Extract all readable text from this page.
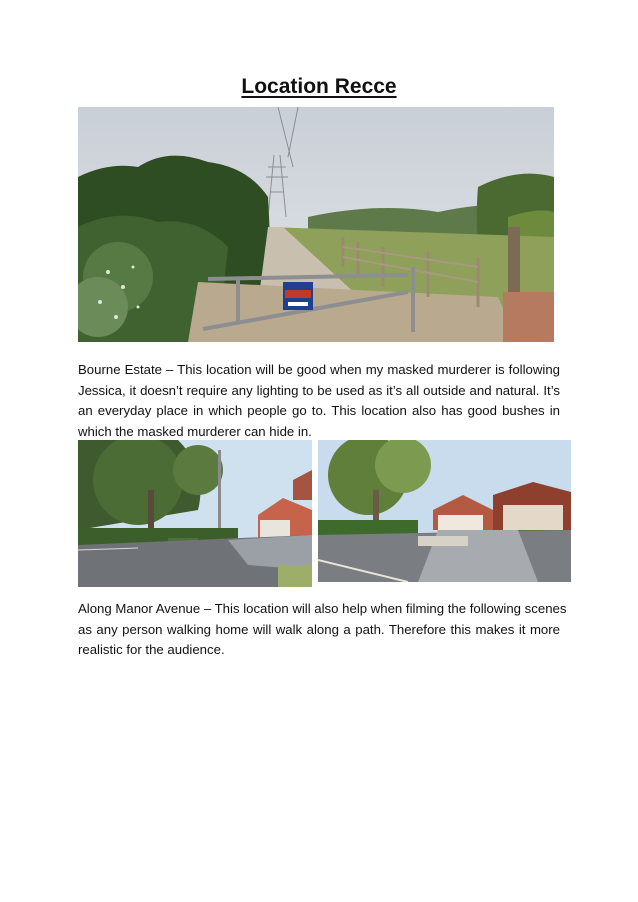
Location Recce

Bourne Estate – This location will be good when my masked murderer is following
Jessica, it doesn’t require any lighting to be used as it’s all outside and natural. It’s
an everyday place in which people go to. This location also has good bushes in
which the masked murderer can hide in.

Along Manor Avenue – This location will also help when filming the following scenes
as any person walking home will walk along a path. Therefore this makes it more
realistic for the audience.
